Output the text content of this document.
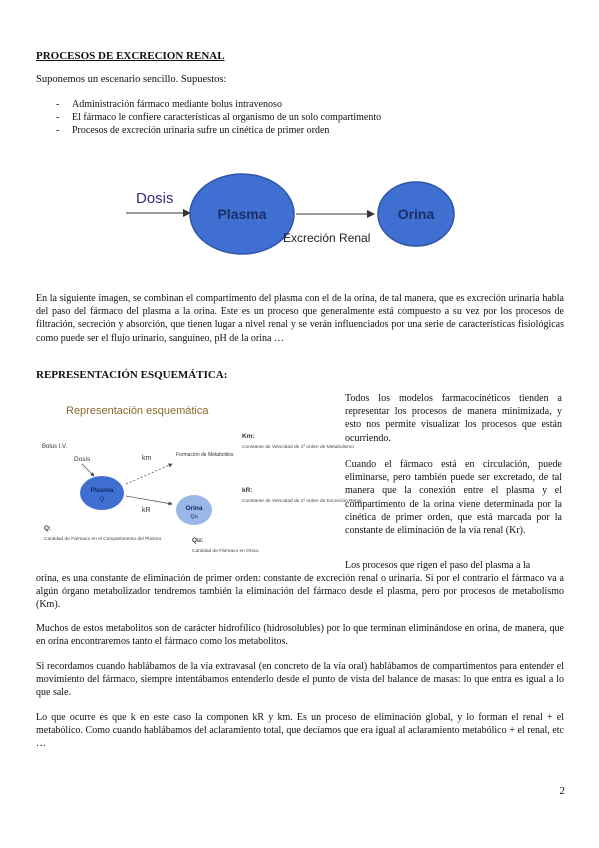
PROCESOS DE EXCRECION RENAL
Suponemos un escenario sencillo. Supuestos:
- Administración fármaco mediante bolus intravenoso
- El fármaco le confiere características al organismo de un solo compartimento
- Procesos de excreción urinaria sufre un cinética de primer orden
Dosis
Plasma
Excreción Renal
Orina
En la siguiente imagen, se combinan el compartimento del plasma con el de la orina, de tal manera, que es excreción urinaria habla del paso del fármaco del plasma a la orina. Este es un proceso que generalmente está compuesto a su vez por los procesos de filtración, secreción y absorción, que tienen lugar a nivel renal y se verán influenciados por una serie de características fisiológicas como puede ser el flujo urinario, sanguíneo, pH de la orina …
REPRESENTACIÓN ESQUEMÁTICA:
Representación esquemática
Bolus I.V.
Dosis
Plasma
Q
km	Formación de Metabolitos
kR	Orina
Qu
Km:
Constante de Velocidad de 1º orden de Metabolismo
kR:
Constante de Velocidad de 1º orden de Excreción Renal
Q:
Cantidad de Fármaco en el Compartimento del Plasma	Qu:
Cantidad de Fármaco en Orina.
Todos los modelos farmacocinéticos tienden a representar los procesos de manera minimizada, y esto nos permite visualizar los procesos que están ocurriendo.
Cuando el fármaco está en circulación, puede eliminarse, pero también puede ser excretado, de tal manera que la conexión entre el plasma y el compartimento de la orina viene determinada por la cinética de primer orden, que está marcada por la constante de eliminación de la vía renal (Kr).
Los procesos que rigen el paso del plasma a la
orina, es una constante de eliminación de primer orden: constante de excreción renal o urinaria. Si por el contrario el fármaco va a algún órgano metabolizador tendremos también la eliminación del fármaco desde el plasma, pero por procesos de metabolismo (Km).
Muchos de estos metabolitos son de carácter hidrofílico (hidrosolubles) por lo que terminan eliminándose en orina, de manera, que en orina encontraremos tanto el fármaco como los metabolitos.
Si recordamos cuando hablábamos de la vía extravasal (en concreto de la vía oral) hablábamos de compartimentos para entender el movimiento del fármaco, siempre intentábamos entenderlo desde el punto de vista del balance de masas: lo que entra es igual a lo que sale.
Lo que ocurre es que k en este caso la componen kR y km. Es un proceso de eliminación global, y lo forman el renal + el metabólico. Como cuando hablábamos del aclaramiento total, que decíamos que era igual al aclaramiento metabólico + el renal, etc …
2
